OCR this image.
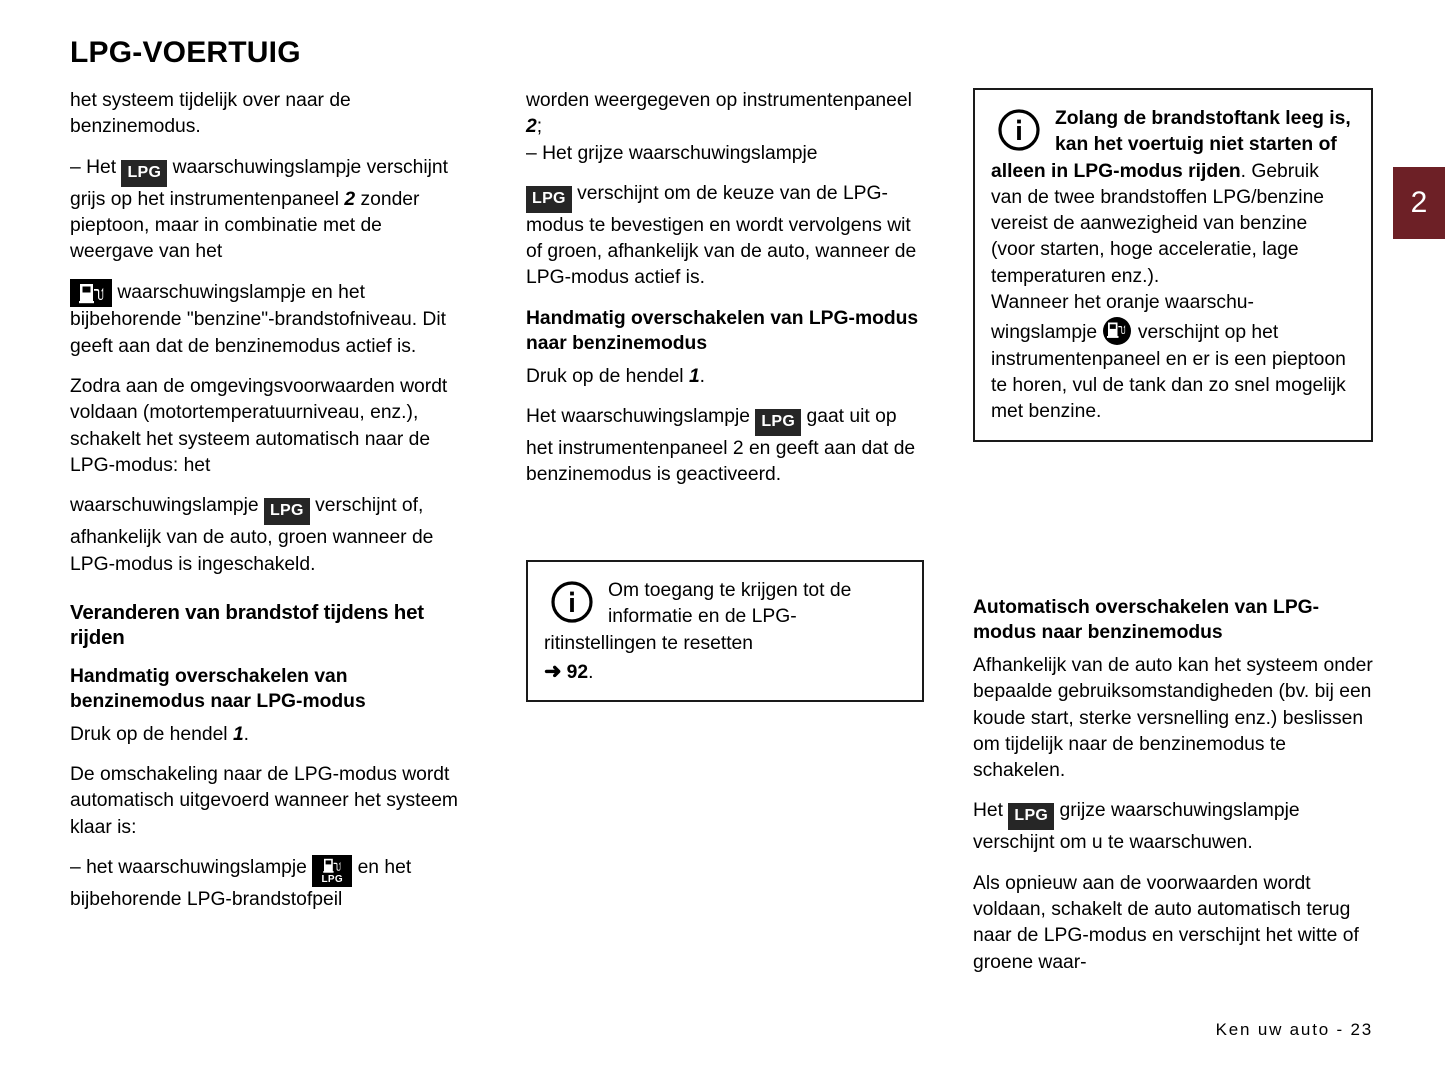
LPG-VOERTUIG
2

het systeem tijdelijk over naar de benzinemodus.

– Het LPG waarschuwingslampje verschijnt grijs op het instrumentenpaneel 2 zonder pieptoon, maar in combinatie met de weergave van het

waarschuwingslampje en het bijbehorende "benzine"-brandstofniveau. Dit geeft aan dat de benzinemodus actief is.

Zodra aan de omgevingsvoorwaarden wordt voldaan (motortemperatuurniveau, enz.), schakelt het systeem automatisch naar de LPG-modus: het

waarschuwingslampje LPG verschijnt of, afhankelijk van de auto, groen wanneer de LPG-modus is ingeschakeld.

Veranderen van brandstof tijdens het rijden
Handmatig overschakelen van benzinemodus naar LPG-modus

Druk op de hendel 1.

De omschakeling naar de LPG-modus wordt automatisch uitgevoerd wanneer het systeem klaar is:

– het waarschuwingslampje
LPG
en het bijbehorende LPG-brandstofpeil

worden weergegeven op instrumentenpaneel 2;

– Het grijze waarschuwingslampje

LPG verschijnt om de keuze van de LPG-modus te bevestigen en wordt vervolgens wit of groen, afhankelijk van de auto, wanneer de LPG-modus actief is.

Handmatig overschakelen van LPG-modus naar benzinemodus

Druk op de hendel 1.

Het waarschuwingslampje LPG gaat uit op het instrumentenpaneel 2 en geeft aan dat de benzinemodus is geactiveerd.

Om toegang te krijgen tot de informatie en de LPG-ritinstellingen te resetten
➜ 92.
Zolang de brandstoftank leeg is, kan het voertuig niet starten of alleen in LPG-modus rijden. Gebruik van de twee brandstoffen LPG/benzine vereist de aanwezigheid van benzine (voor starten, hoge acceleratie, lage temperaturen enz.).
Wanneer het oranje waarschu-
wingslampje verschijnt op het instrumentenpaneel en er is een pieptoon te horen, vul de tank dan zo snel mogelijk met benzine.
Automatisch overschakelen van LPG-modus naar benzinemodus

Afhankelijk van de auto kan het systeem onder bepaalde gebruiksomstandigheden (bv. bij een koude start, sterke versnelling enz.) beslissen om tijdelijk naar de benzinemodus te schakelen.

Het LPG grijze waarschuwingslampje verschijnt om u te waarschuwen.

Als opnieuw aan de voorwaarden wordt voldaan, schakelt de auto automatisch terug naar de LPG-modus en verschijnt het witte of groene waar-

Ken uw auto - 23
